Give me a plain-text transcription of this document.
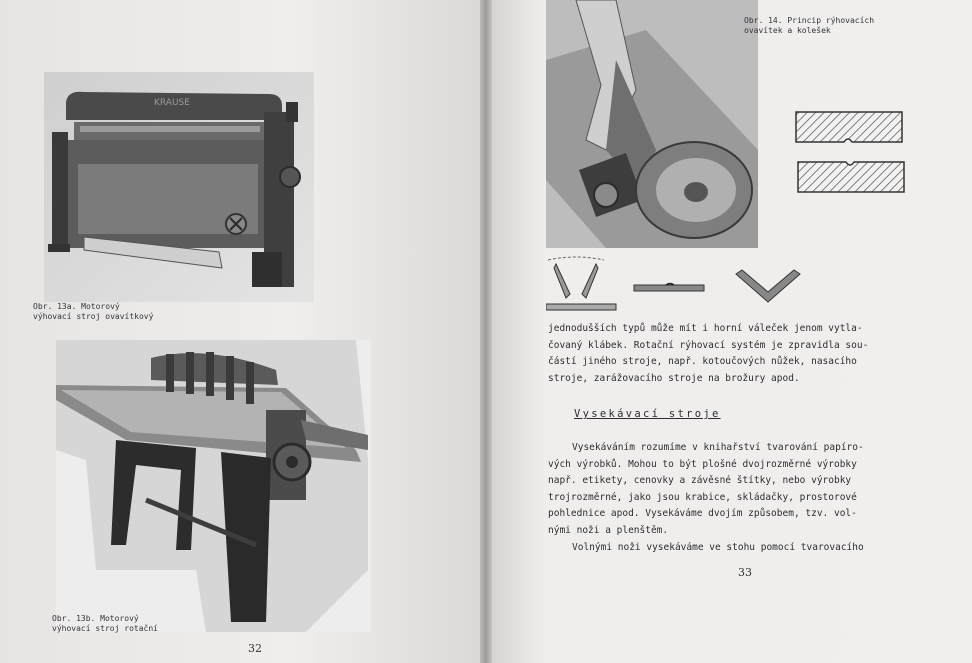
KRAUSE
Obr. 13a. Motorový
výhovací stroj ovavítkový
Obr. 13b. Motorový
výhovací stroj rotační
32
Obr. 14. Princip rýhovacích
ovavítek a kolešek
jednodušších typů může mít i horní váleček jenom vytla-
čovaný klábek. Rotační rýhovací systém je zpravidla sou-
částí jiného stroje, např. kotoučových nůžek, nasacího
stroje, zarážovacího stroje na brožury apod.
Vysekávací stroje
Vysekáváním rozumíme v knihařství tvarování papíro-
vých výrobků. Mohou to být plošné dvojrozměrné výrobky
např. etikety, cenovky a závěsné štítky, nebo výrobky
trojrozměrné, jako jsou krabice, skládačky, prostorové
pohlednice apod. Vysekáváme dvojím způsobem, tzv. vol-
nými noži a plenštěm.
Volnými noži vysekáváme ve stohu pomocí tvarovacího
33
